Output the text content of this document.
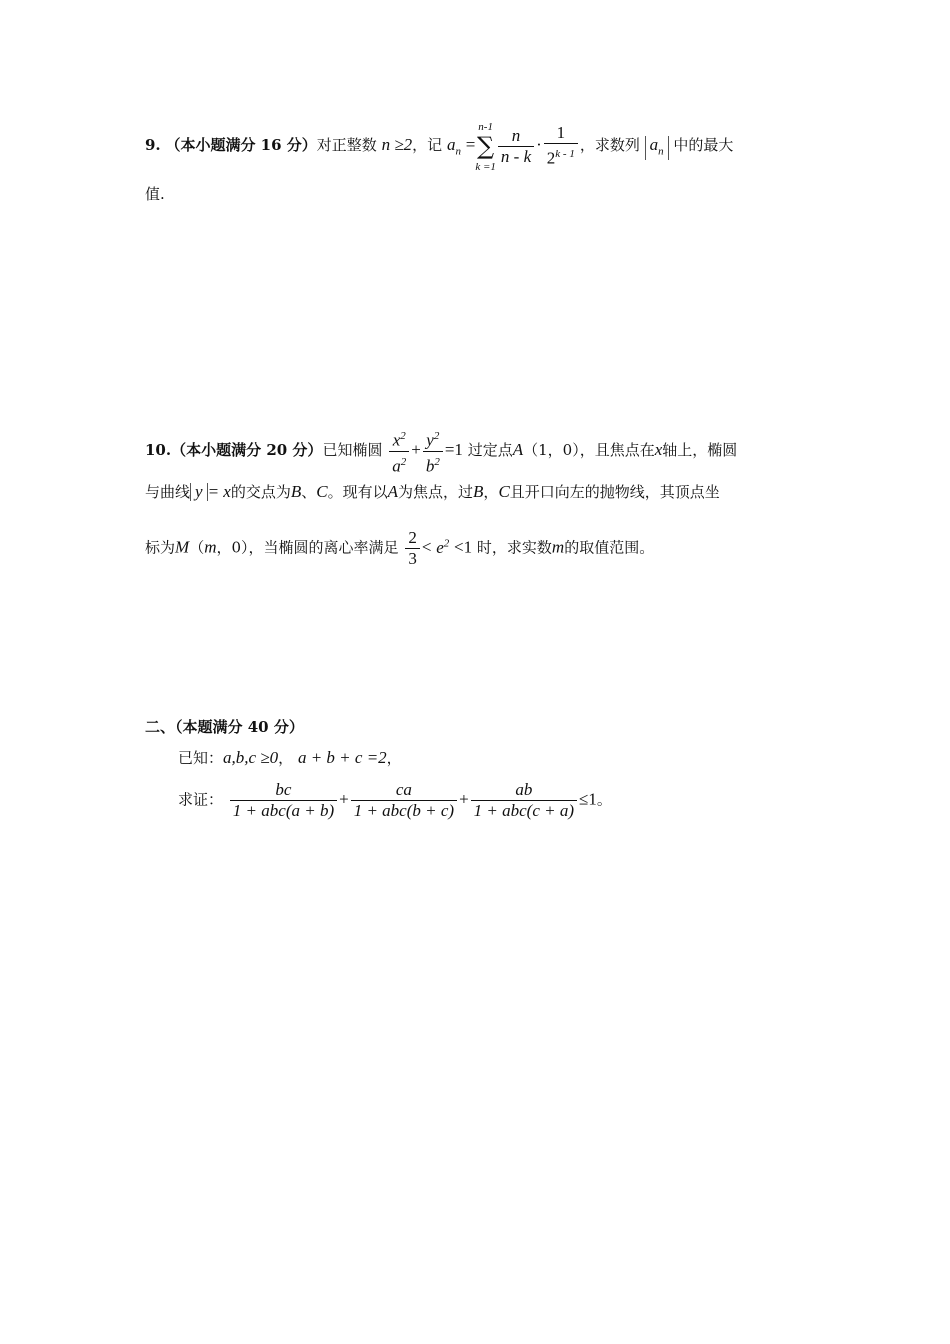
9. （本小题满分 16 分）对正整数 n ≥2，记 $a_n =n-1$
∑
k =1
$\frac{n}{n - k} \cdot \frac{1}{2^{k - 1}}$ ，求数列 $a_n$ 中的最大
值.
10.（本小题满分 20 分）已知椭圆 $\frac{x^2}{a^2} + \frac{y^2}{b^2} =1$ 过定点A（1，0），且焦点在x轴上，椭圆
与曲线 y = x的交点为B、C。现有以A为焦点，过B，C且开口向左的抛物线，其顶点坐
标为M（m，0），当椭圆的离心率满足 $\frac{2}{3} < e^2 <1$ 时，求实数m的取值范围。
二、（本题满分 40 分）
已知：a,b,c ≥0， a + b + c =2，
求证： $\frac{bc}{\text{1 + abc(a + b)}} + \frac{ca}{\text{1 + abc(b + c)}} + \frac{ab}{\text{1 + abc(c + a)}} \le 1$。
